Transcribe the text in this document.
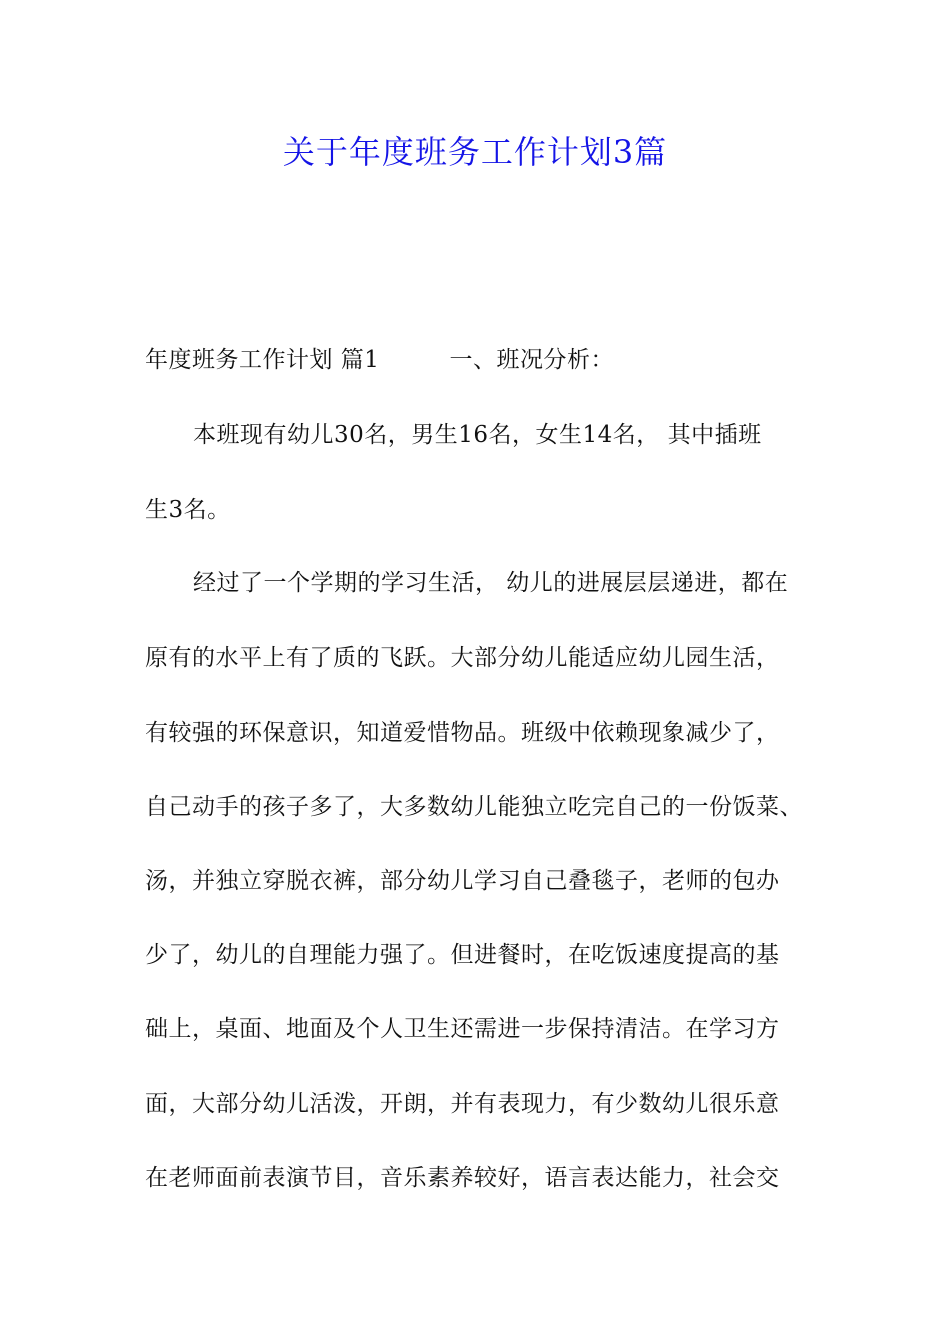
关于年度班务工作计划3篇
年度班务工作计划 篇1	一、班况分析：
本班现有幼儿30名，男生16名，女生14名， 其中插班
生3名。
经过了一个学期的学习生活， 幼儿的进展层层递进，都在
原有的水平上有了质的飞跃。大部分幼儿能适应幼儿园生活，
有较强的环保意识，知道爱惜物品。班级中依赖现象减少了，
自己动手的孩子多了，大多数幼儿能独立吃完自己的一份饭菜、
汤，并独立穿脱衣裤，部分幼儿学习自己叠毯子，老师的包办
少了，幼儿的自理能力强了。但进餐时，在吃饭速度提高的基
础上，桌面、地面及个人卫生还需进一步保持清洁。在学习方
面，大部分幼儿活泼，开朗，并有表现力，有少数幼儿很乐意
在老师面前表演节目，音乐素养较好，语言表达能力，社会交
